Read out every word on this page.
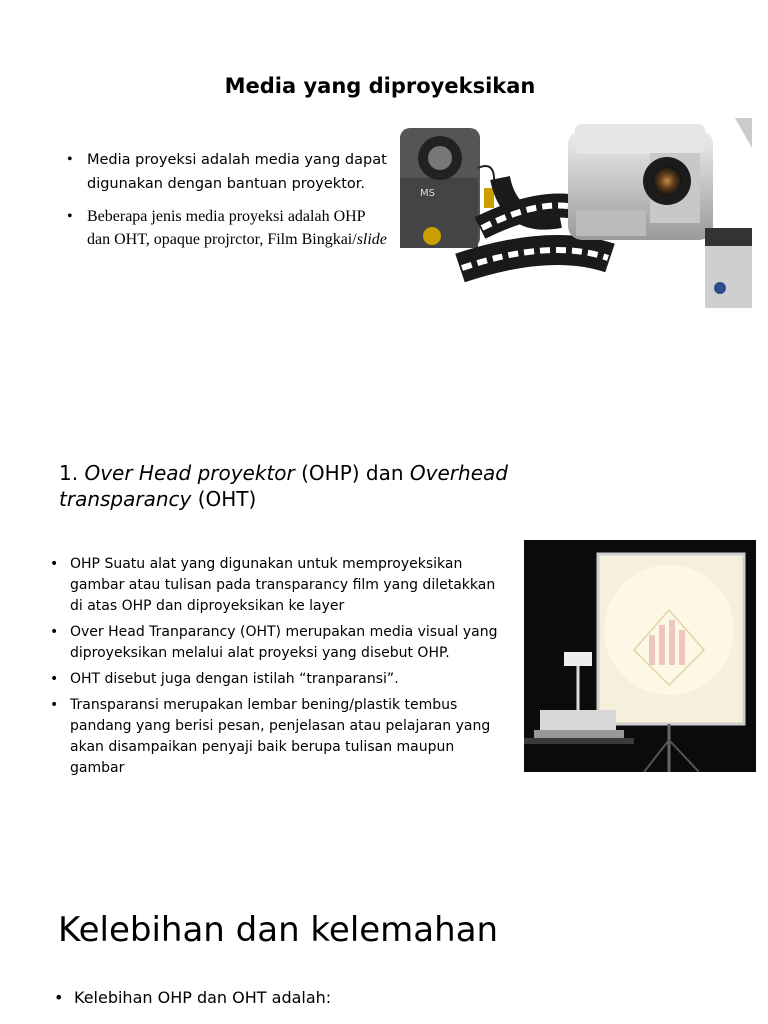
Media yang diproyeksikan
• Media proyeksi adalah media yang dapat digunakan dengan bantuan proyektor.
• Beberapa jenis media proyeksi adalah OHP dan OHT, opaque projrctor, Film Bingkai/slide
MS
1. Over Head proyektor (OHP) dan Overhead transparancy (OHT)
• OHP Suatu alat yang digunakan untuk memproyeksikan gambar atau tulisan pada transparancy film yang diletakkan di atas OHP dan diproyeksikan ke layer
• Over Head Tranparancy (OHT) merupakan media visual yang diproyeksikan melalui alat proyeksi yang disebut OHP.
• OHT disebut juga dengan istilah “tranparansi”.
• Transparansi merupakan lembar bening/plastik tembus pandang yang berisi pesan, penjelasan atau pelajaran yang akan disampaikan penyaji baik berupa tulisan maupun gambar
Kelebihan dan kelemahan
• Kelebihan OHP dan OHT adalah:
